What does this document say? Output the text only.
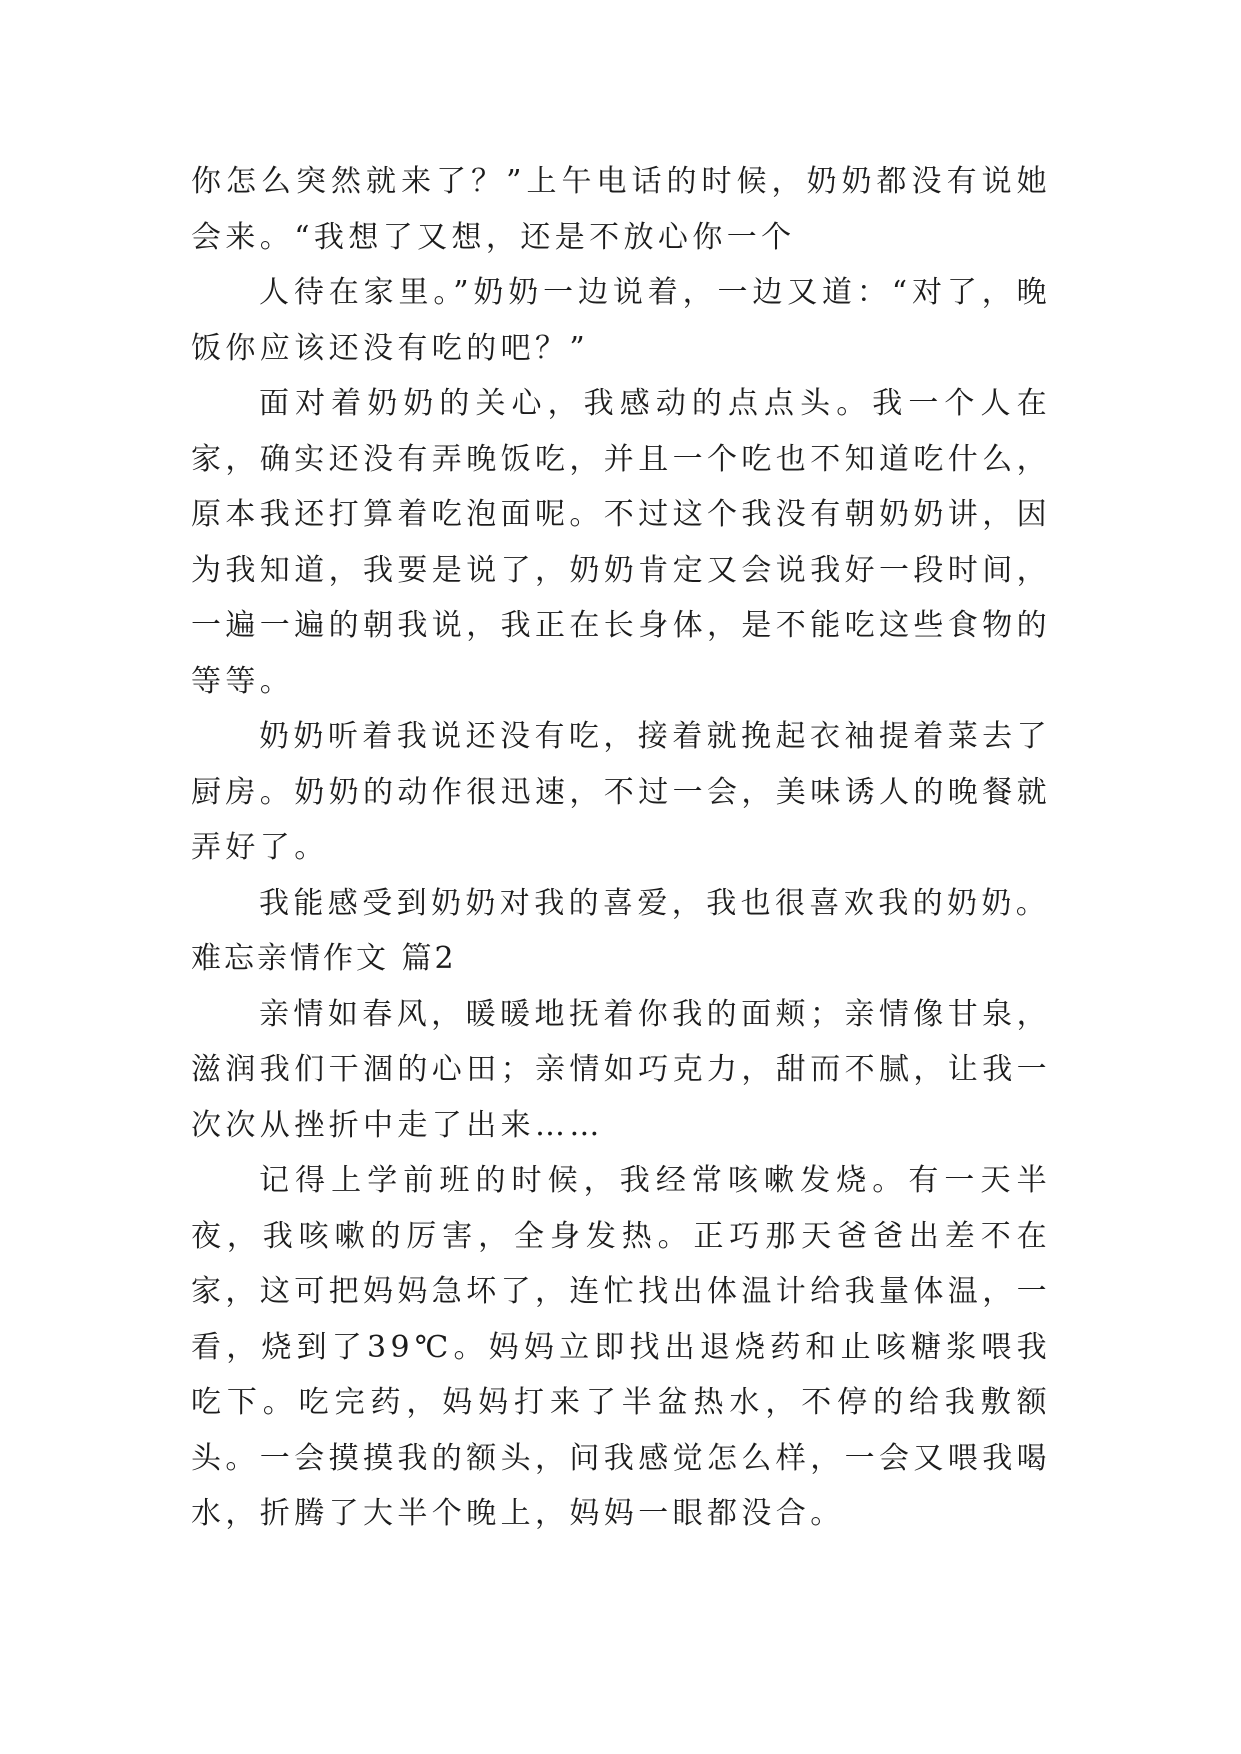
你怎么突然就来了？”上午电话的时候，奶奶都没有说她会来。“我想了又想，还是不放心你一个

人待在家里。”奶奶一边说着，一边又道：“对了，晚饭你应该还没有吃的吧？”

面对着奶奶的关心，我感动的点点头。我一个人在家，确实还没有弄晚饭吃，并且一个吃也不知道吃什么，原本我还打算着吃泡面呢。不过这个我没有朝奶奶讲，因为我知道，我要是说了，奶奶肯定又会说我好一段时间，一遍一遍的朝我说，我正在长身体，是不能吃这些食物的等等。

奶奶听着我说还没有吃，接着就挽起衣袖提着菜去了厨房。奶奶的动作很迅速，不过一会，美味诱人的晚餐就弄好了。

我能感受到奶奶对我的喜爱，我也很喜欢我的奶奶。

难忘亲情作文 篇2

亲情如春风，暖暖地抚着你我的面颊；亲情像甘泉，滋润我们干涸的心田；亲情如巧克力，甜而不腻，让我一次次从挫折中走了出来……

记得上学前班的时候，我经常咳嗽发烧。有一天半夜，我咳嗽的厉害，全身发热。正巧那天爸爸出差不在家，这可把妈妈急坏了，连忙找出体温计给我量体温，一看，烧到了39℃。妈妈立即找出退烧药和止咳糖浆喂我吃下。吃完药，妈妈打来了半盆热水，不停的给我敷额头。一会摸摸我的额头，问我感觉怎么样，一会又喂我喝水，折腾了大半个晚上，妈妈一眼都没合。
